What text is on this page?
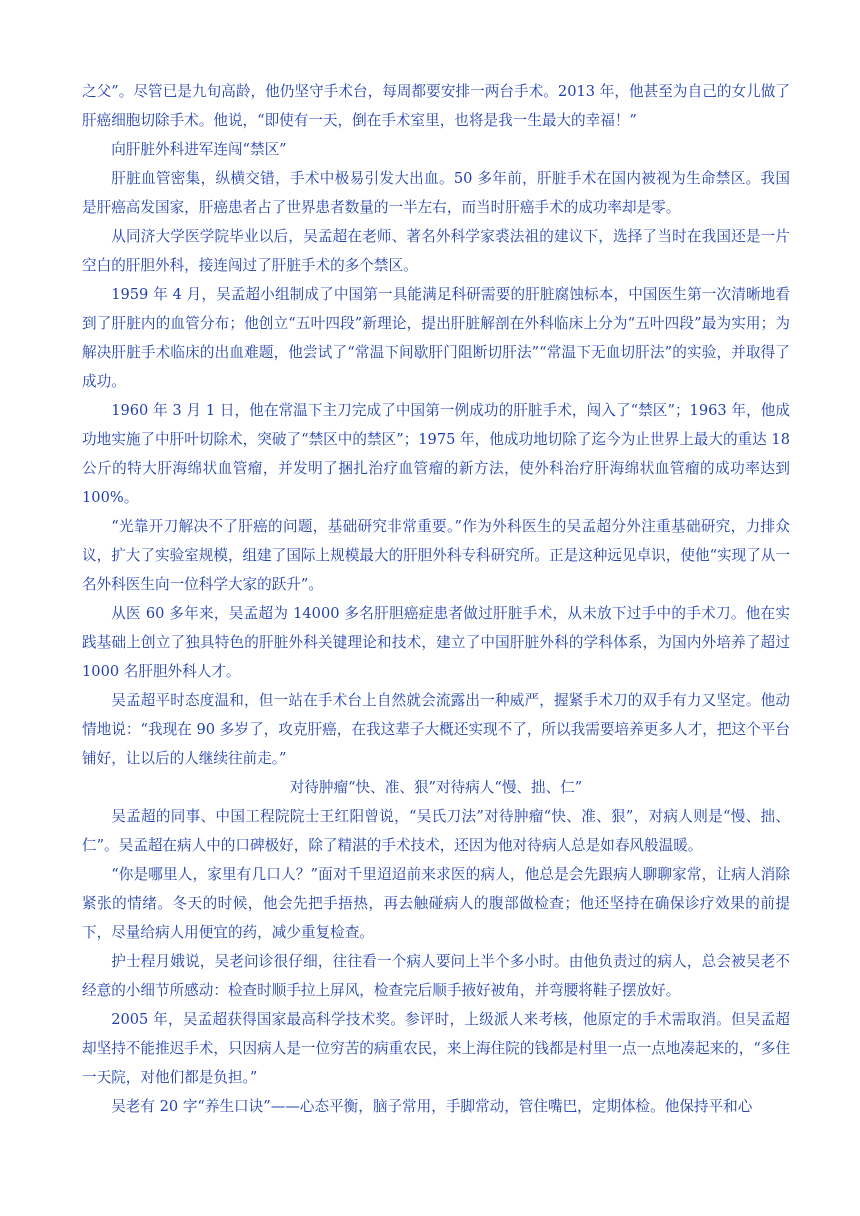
之父”。尽管已是九旬高龄，他仍坚守手术台，每周都要安排一两台手术。2013 年，他甚至为自己的女儿做了肝癌细胞切除手术。他说，“即使有一天，倒在手术室里，也将是我一生最大的幸福！”

向肝脏外科进军连闯“禁区”

肝脏血管密集，纵横交错，手术中极易引发大出血。50 多年前，肝脏手术在国内被视为生命禁区。我国是肝癌高发国家，肝癌患者占了世界患者数量的一半左右，而当时肝癌手术的成功率却是零。

从同济大学医学院毕业以后，吴孟超在老师、著名外科学家裘法祖的建议下，选择了当时在我国还是一片空白的肝胆外科，接连闯过了肝脏手术的多个禁区。

1959 年 4 月，吴孟超小组制成了中国第一具能满足科研需要的肝脏腐蚀标本，中国医生第一次清晰地看到了肝脏内的血管分布；他创立“五叶四段”新理论，提出肝脏解剖在外科临床上分为“五叶四段”最为实用；为解决肝脏手术临床的出血难题，他尝试了“常温下间歇肝门阻断切肝法”“常温下无血切肝法”的实验，并取得了成功。

1960 年 3 月 1 日，他在常温下主刀完成了中国第一例成功的肝脏手术，闯入了“禁区”；1963 年，他成功地实施了中肝叶切除术，突破了“禁区中的禁区”；1975 年，他成功地切除了迄今为止世界上最大的重达 18 公斤的特大肝海绵状血管瘤，并发明了捆扎治疗血管瘤的新方法，使外科治疗肝海绵状血管瘤的成功率达到 100%。

“光靠开刀解决不了肝癌的问题，基础研究非常重要。”作为外科医生的吴孟超分外注重基础研究，力排众议，扩大了实验室规模，组建了国际上规模最大的肝胆外科专科研究所。正是这种远见卓识，使他“实现了从一名外科医生向一位科学大家的跃升”。

从医 60 多年来，吴孟超为 14000 多名肝胆癌症患者做过肝脏手术，从未放下过手中的手术刀。他在实践基础上创立了独具特色的肝脏外科关键理论和技术，建立了中国肝脏外科的学科体系，为国内外培养了超过 1000 名肝胆外科人才。

吴孟超平时态度温和，但一站在手术台上自然就会流露出一种威严，握紧手术刀的双手有力又坚定。他动情地说：“我现在 90 多岁了，攻克肝癌，在我这辈子大概还实现不了，所以我需要培养更多人才，把这个平台铺好，让以后的人继续往前走。”

对待肿瘤“快、准、狠”对待病人“慢、拙、仁”

吴孟超的同事、中国工程院院士王红阳曾说，“吴氏刀法”对待肿瘤“快、准、狠”，对病人则是“慢、拙、仁”。吴孟超在病人中的口碑极好，除了精湛的手术技术，还因为他对待病人总是如春风般温暖。

“你是哪里人，家里有几口人？”面对千里迢迢前来求医的病人，他总是会先跟病人聊聊家常，让病人消除紧张的情绪。冬天的时候，他会先把手捂热，再去触碰病人的腹部做检查；他还坚持在确保诊疗效果的前提下，尽量给病人用便宜的药，减少重复检查。

护士程月娥说，吴老问诊很仔细，往往看一个病人要问上半个多小时。由他负责过的病人，总会被吴老不经意的小细节所感动：检查时顺手拉上屏风，检查完后顺手掖好被角，并弯腰将鞋子摆放好。

2005 年，吴孟超获得国家最高科学技术奖。参评时，上级派人来考核，他原定的手术需取消。但吴孟超却坚持不能推迟手术，只因病人是一位穷苦的病重农民，来上海住院的钱都是村里一点一点地凑起来的，“多住一天院，对他们都是负担。”

吴老有 20 字“养生口诀”——心态平衡，脑子常用，手脚常动，管住嘴巴，定期体检。他保持平和心
